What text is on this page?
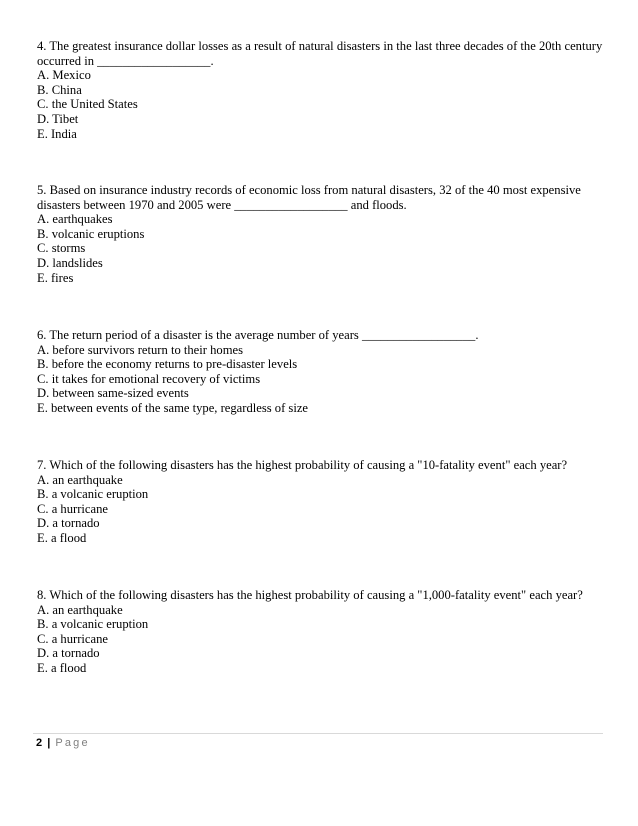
4. The greatest insurance dollar losses as a result of natural disasters in the last three decades of the 20th century occurred in __________________.
A. Mexico
B. China
C. the United States
D. Tibet
E. India
5. Based on insurance industry records of economic loss from natural disasters, 32 of the 40 most expensive disasters between 1970 and 2005 were __________________ and floods.
A. earthquakes
B. volcanic eruptions
C. storms
D. landslides
E. fires
6. The return period of a disaster is the average number of years __________________.
A. before survivors return to their homes
B. before the economy returns to pre-disaster levels
C. it takes for emotional recovery of victims
D. between same-sized events
E. between events of the same type, regardless of size
7. Which of the following disasters has the highest probability of causing a "10-fatality event" each year?
A. an earthquake
B. a volcanic eruption
C. a hurricane
D. a tornado
E. a flood
8. Which of the following disasters has the highest probability of causing a "1,000-fatality event" each year?
A. an earthquake
B. a volcanic eruption
C. a hurricane
D. a tornado
E. a flood
2 | Page
